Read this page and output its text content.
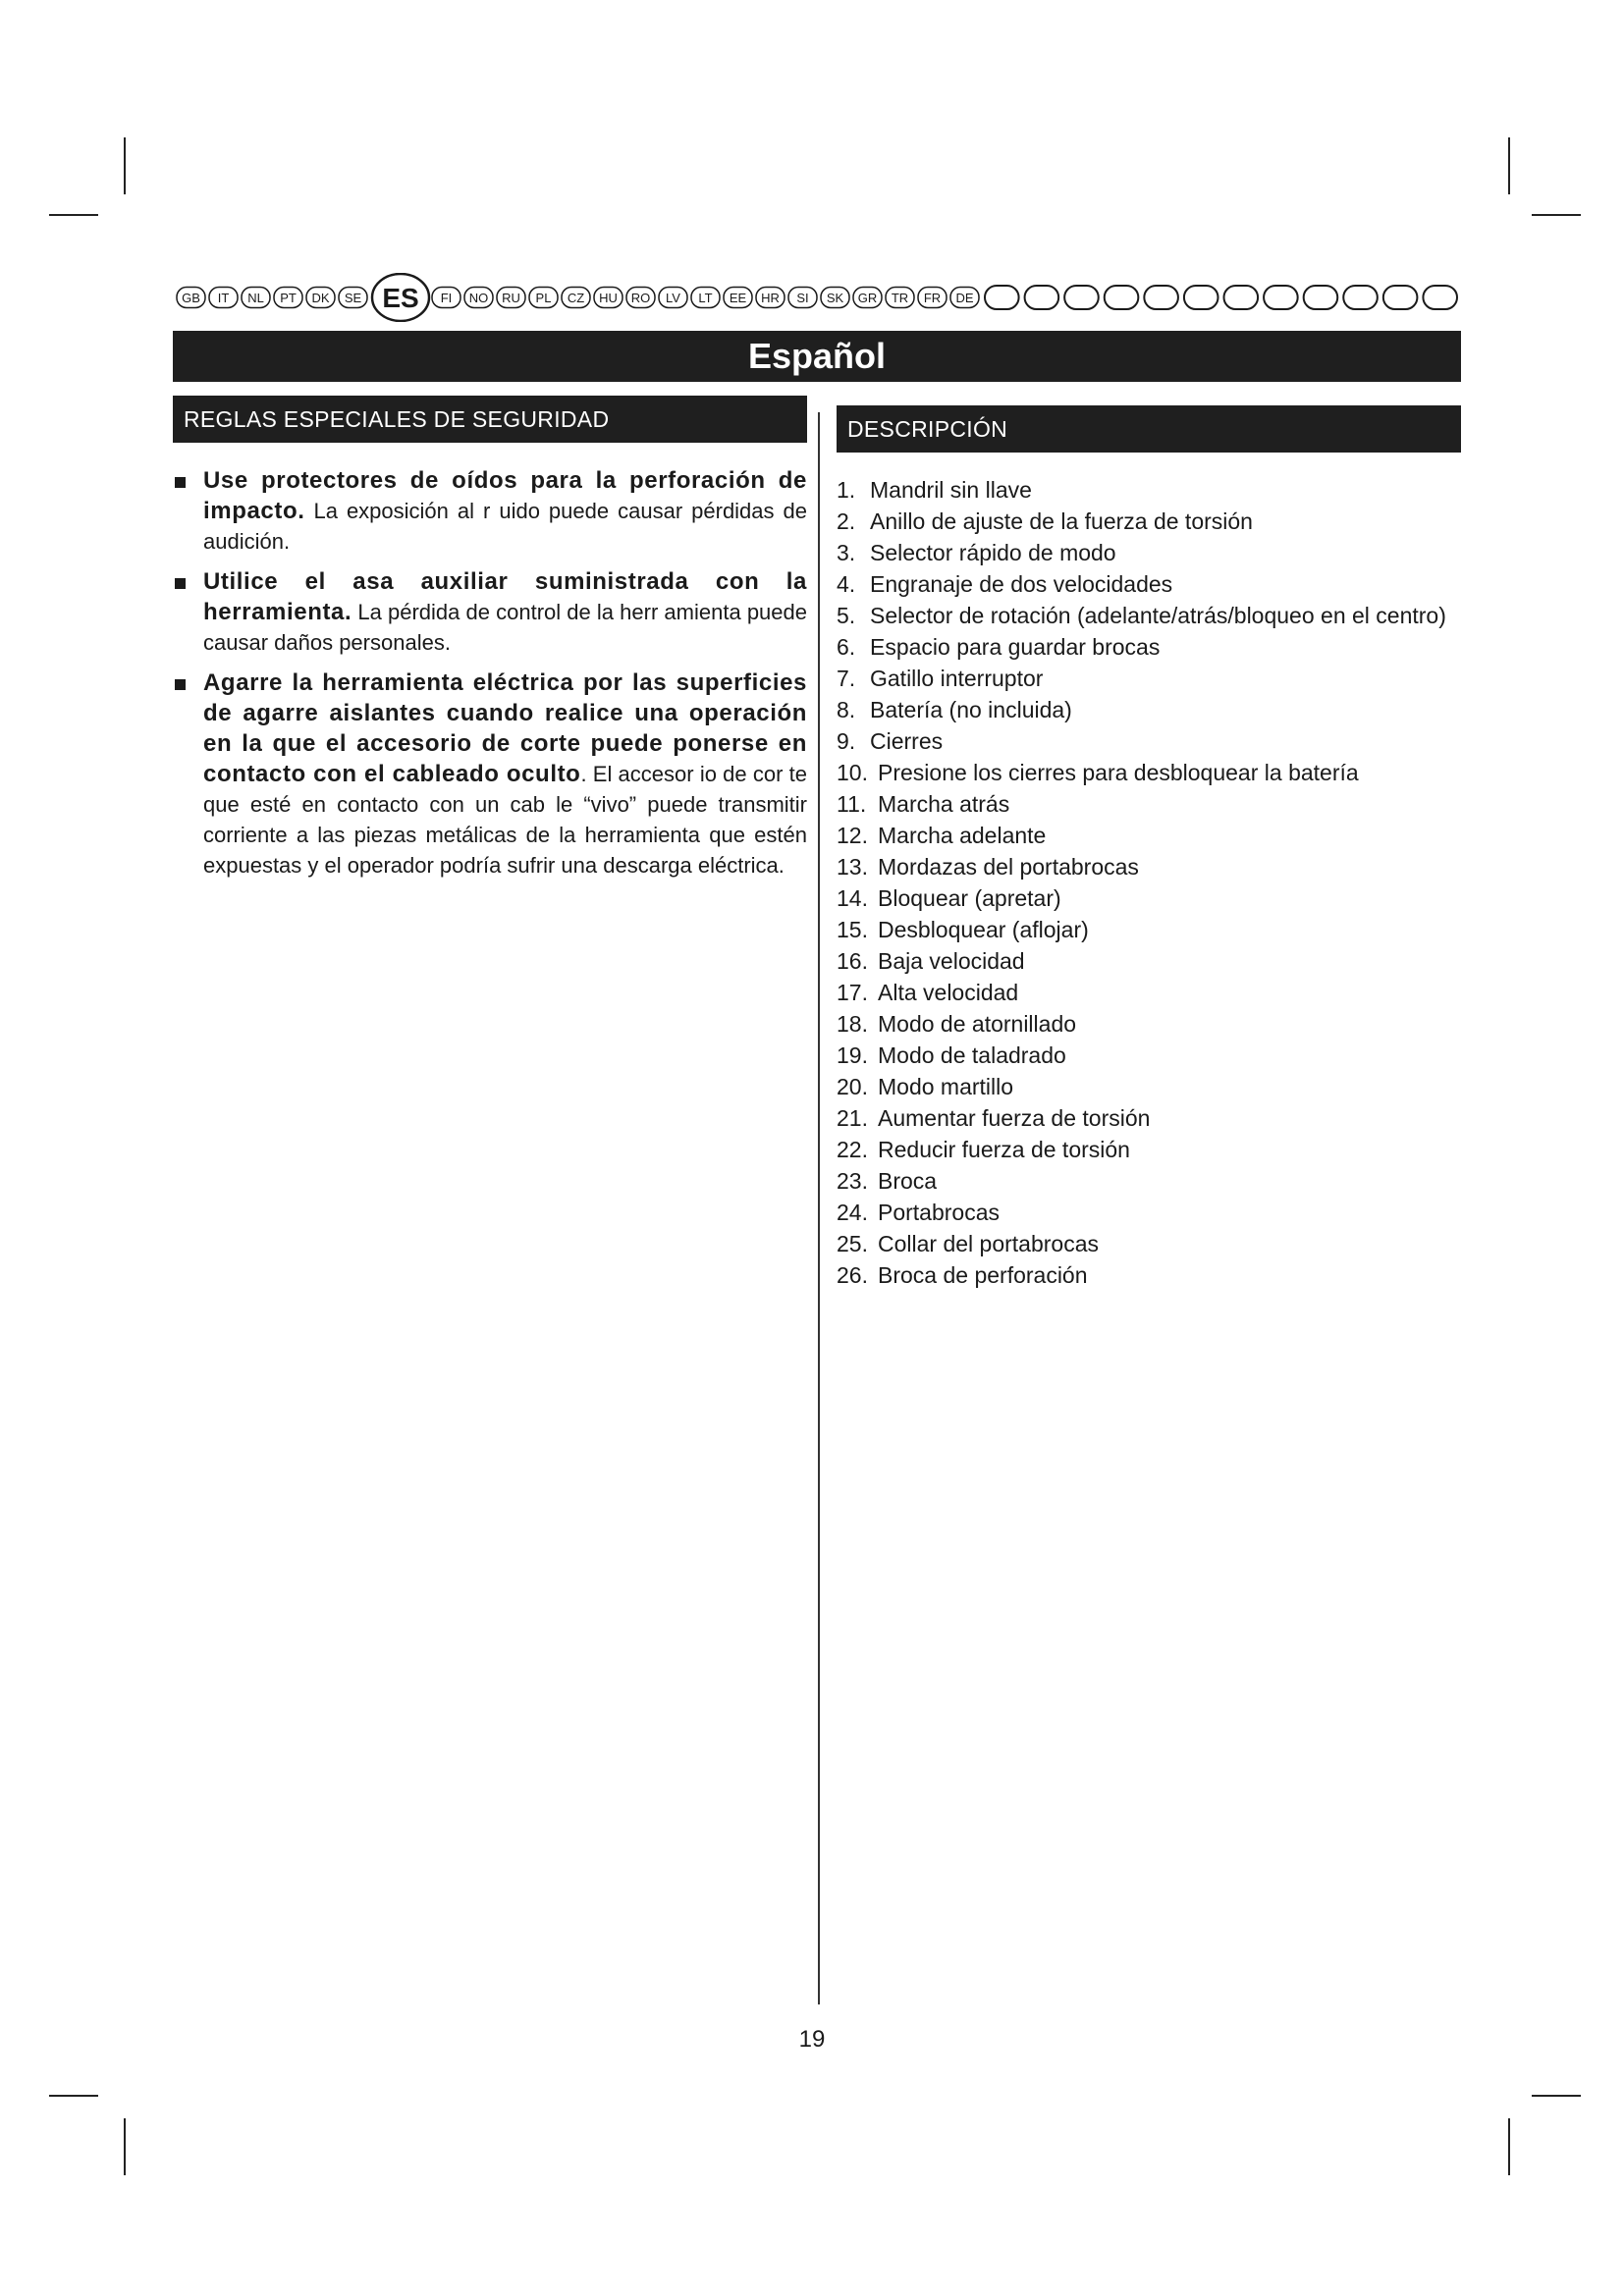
GB IT NL PT DK SE ES FI NO RU PL CZ HU RO LV LT EE HR SI SK GR TR FR DE
Español
REGLAS ESPECIALES DE SEGURIDAD

Use protectores de oídos para la perforación de impacto. La exposición al r uido puede causar pérdidas de audición.

Utilice el asa auxiliar suministrada con la herramienta. La pérdida de control de la herr amienta puede causar daños personales.

Agarre la herramienta eléctrica por las superficies de agarre aislantes cuando realice una operación en la que el accesorio de corte puede ponerse en contacto con el cableado oculto. El accesor io de cor te que esté en contacto con un cab le “vivo” puede transmitir corriente a las piezas metálicas de la herramienta que estén expuestas y el operador podría sufrir una descarga eléctrica.

DESCRIPCIÓN
1. Mandril sin llave
2. Anillo de ajuste de la fuerza de torsión
3. Selector rápido de modo
4. Engranaje de dos velocidades
5. Selector de rotación (adelante/atrás/bloqueo en el centro)
6. Espacio para guardar brocas
7. Gatillo interruptor
8. Batería (no incluida)
9. Cierres
10. Presione los cierres para desbloquear la batería
11. Marcha atrás
12. Marcha adelante
13. Mordazas del portabrocas
14. Bloquear (apretar)
15. Desbloquear (aflojar)
16. Baja velocidad
17. Alta velocidad
18. Modo de atornillado
19. Modo de taladrado
20. Modo martillo
21. Aumentar fuerza de torsión
22. Reducir fuerza de torsión
23. Broca
24. Portabrocas
25. Collar del portabrocas
26. Broca de perforación
19
